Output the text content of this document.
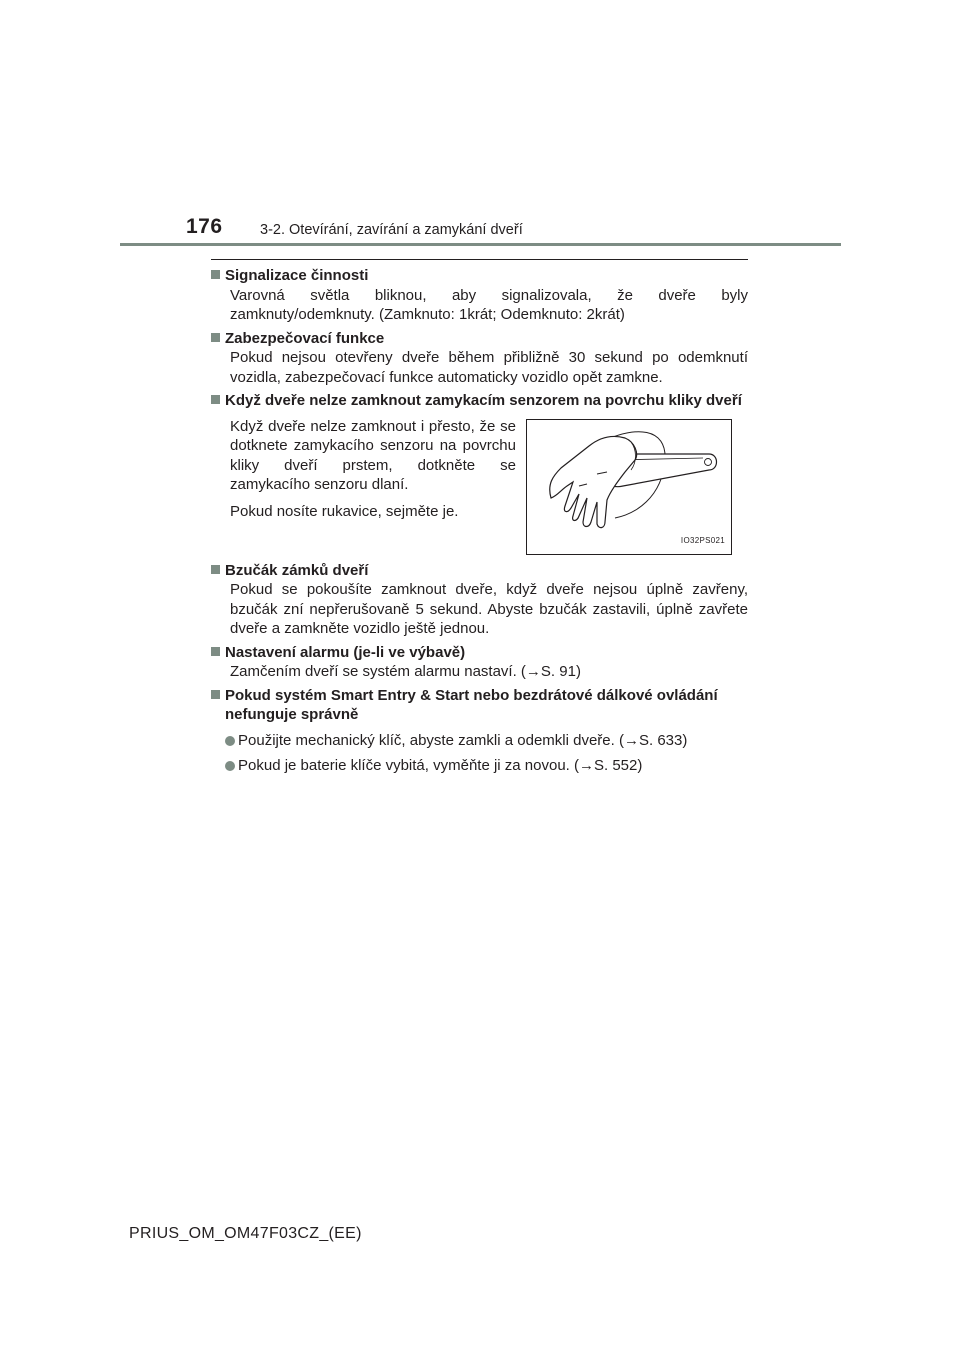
176	3-2. Otevírání, zavírání a zamykání dveří
Signalizace činnosti

Varovná světla bliknou, aby signalizovala, že dveře byly zamknuty/odemknuty. (Zamknuto: 1krát; Odemknuto: 2krát)

Zabezpečovací funkce

Pokud nejsou otevřeny dveře během přibližně 30 sekund po odemknutí vozidla, zabezpečovací funkce automaticky vozidlo opět zamkne.

Když dveře nelze zamknout zamykacím senzorem na povrchu kliky dveří

Když dveře nelze zamknout i přesto, že se dotknete zamykacího senzoru na povrchu kliky dveří prstem, dotkněte se zamykacího senzoru dlaní.

Pokud nosíte rukavice, sejměte je.

IO32PS021
Bzučák zámků dveří

Pokud se pokoušíte zamknout dveře, když dveře nejsou úplně zavřeny, bzučák zní nepřerušovaně 5 sekund. Abyste bzučák zastavili, úplně zavřete dveře a zamkněte vozidlo ještě jednou.

Nastavení alarmu (je-li ve výbavě)

Zamčením dveří se systém alarmu nastaví. (→S. 91)

Pokud systém Smart Entry & Start nebo bezdrátové dálkové ovládání nefunguje správně
Použijte mechanický klíč, abyste zamkli a odemkli dveře. (→S. 633)
Pokud je baterie klíče vybitá, vyměňte ji za novou. (→S. 552)
PRIUS_OM_OM47F03CZ_(EE)
